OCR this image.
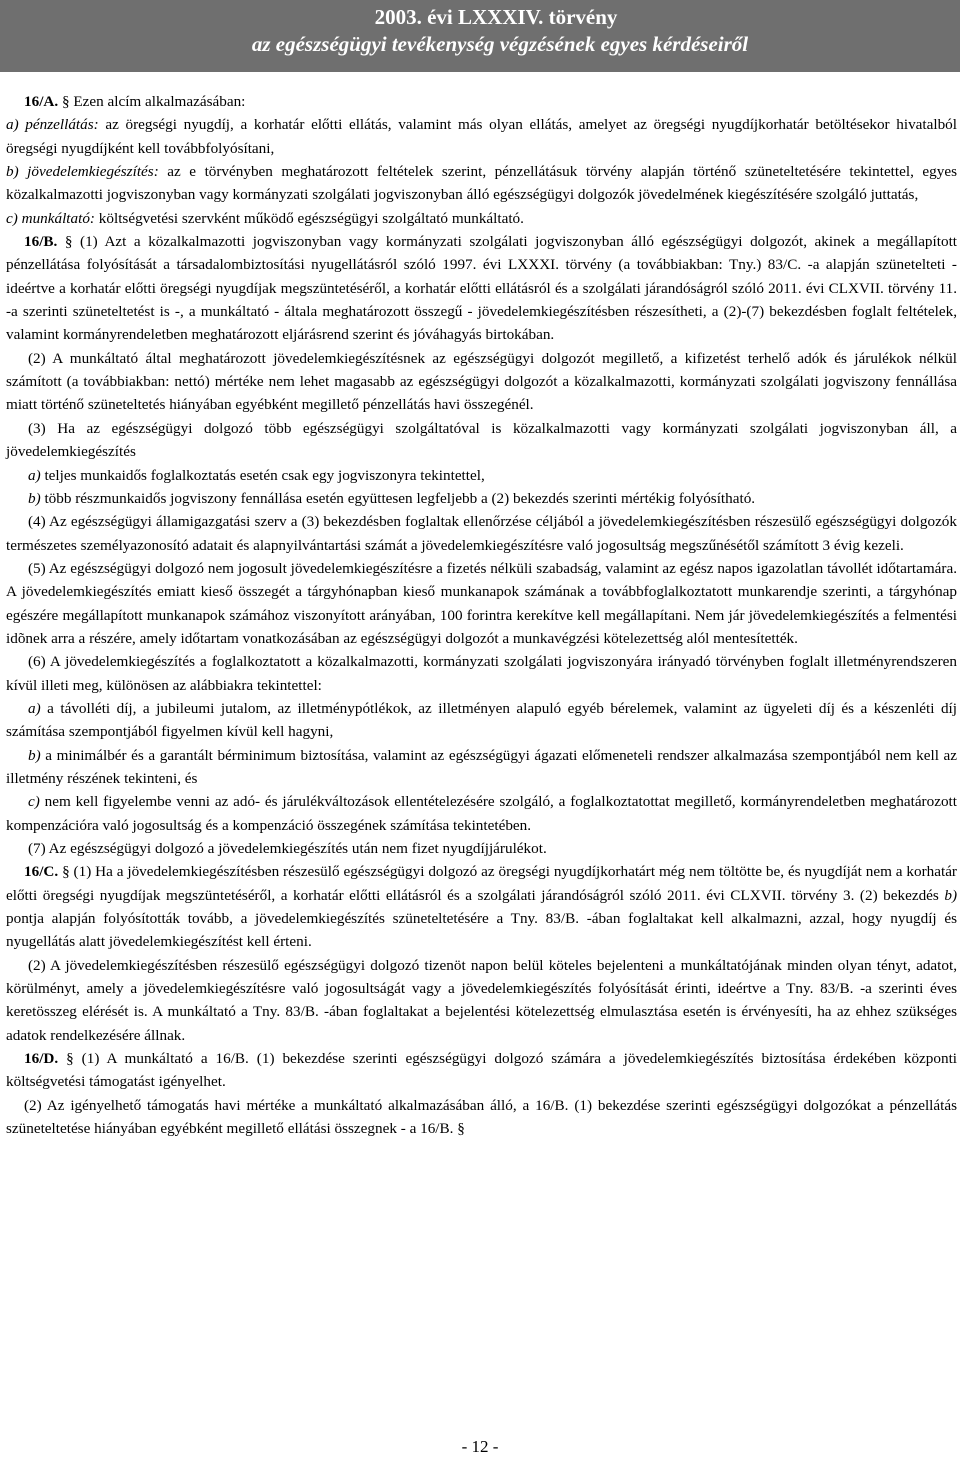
2003. évi LXXXIV. törvény
az egészségügyi tevékenység végzésének egyes kérdéseiről

16/A. § Ezen alcím alkalmazásában:

a) pénzellátás: az öregségi nyugdíj, a korhatár előtti ellátás, valamint más olyan ellátás, amelyet az öregségi nyugdíjkorhatár betöltésekor hivatalból öregségi nyugdíjként kell továbbfolyósítani,

b) jövedelemkiegészítés: az e törvényben meghatározott feltételek szerint, pénzellátásuk törvény alapján történő szüneteltetésére tekintettel, egyes közalkalmazotti jogviszonyban vagy kormányzati szolgálati jogviszonyban álló egészségügyi dolgozók jövedelmének kiegészítésére szolgáló juttatás,

c) munkáltató: költségvetési szervként működő egészségügyi szolgáltató munkáltató.

16/B. § (1) Azt a közalkalmazotti jogviszonyban vagy kormányzati szolgálati jogviszonyban álló egészségügyi dolgozót, akinek a megállapított pénzellátása folyósítását a társadalombiztosítási nyugellátásról szóló 1997. évi LXXXI. törvény (a továbbiakban: Tny.) 83/C. -a alapján szünetelteti - ideértve a korhatár előtti öregségi nyugdíjak megszüntetéséről, a korhatár előtti ellátásról és a szolgálati járandóságról szóló 2011. évi CLXVII. törvény 11. -a szerinti szüneteltetést is -, a munkáltató - általa meghatározott összegű - jövedelemkiegészítésben részesítheti, a (2)-(7) bekezdésben foglalt feltételek, valamint kormányrendeletben meghatározott eljárásrend szerint és jóváhagyás birtokában.

(2) A munkáltató által meghatározott jövedelemkiegészítésnek az egészségügyi dolgozót megillető, a kifizetést terhelő adók és járulékok nélkül számított (a továbbiakban: nettó) mértéke nem lehet magasabb az egészségügyi dolgozót a közalkalmazotti, kormányzati szolgálati jogviszony fennállása miatt történő szüneteltetés hiányában egyébként megillető pénzellátás havi összegénél.

(3) Ha az egészségügyi dolgozó több egészségügyi szolgáltatóval is közalkalmazotti vagy kormányzati szolgálati jogviszonyban áll, a jövedelemkiegészítés

a) teljes munkaidős foglalkoztatás esetén csak egy jogviszonyra tekintettel,

b) több részmunkaidős jogviszony fennállása esetén együttesen legfeljebb a (2) bekezdés szerinti mértékig folyósítható.

(4) Az egészségügyi államigazgatási szerv a (3) bekezdésben foglaltak ellenőrzése céljából a jövedelemkiegészítésben részesülő egészségügyi dolgozók természetes személyazonosító adatait és alapnyilvántartási számát a jövedelemkiegészítésre való jogosultság megszűnésétől számított 3 évig kezeli.

(5) Az egészségügyi dolgozó nem jogosult jövedelemkiegészítésre a fizetés nélküli szabadság, valamint az egész napos igazolatlan távollét időtartamára. A jövedelemkiegészítés emiatt kieső összegét a tárgyhónapban kieső munkanapok számának a továbbfoglalkoztatott munkarendje szerinti, a tárgyhónap egészére megállapított munkanapok számához viszonyított arányában, 100 forintra kerekítve kell megállapítani. Nem jár jövedelemkiegészítés a felmentési idõnek arra a részére, amely időtartam vonatkozásában az egészségügyi dolgozót a munkavégzési kötelezettség alól mentesítették.

(6) A jövedelemkiegészítés a foglalkoztatott a közalkalmazotti, kormányzati szolgálati jogviszonyára irányadó törvényben foglalt illetményrendszeren kívül illeti meg, különösen az alábbiakra tekintettel:

a) a távolléti díj, a jubileumi jutalom, az illetménypótlékok, az illetményen alapuló egyéb bérelemek, valamint az ügyeleti díj és a készenléti díj számítása szempontjából figyelmen kívül kell hagyni,

b) a minimálbér és a garantált bérminimum biztosítása, valamint az egészségügyi ágazati előmeneteli rendszer alkalmazása szempontjából nem kell az illetmény részének tekinteni, és

c) nem kell figyelembe venni az adó- és járulékváltozások ellentételezésére szolgáló, a foglalkoztatottat megillető, kormányrendeletben meghatározott kompenzációra való jogosultság és a kompenzáció összegének számítása tekintetében.

(7) Az egészségügyi dolgozó a jövedelemkiegészítés után nem fizet nyugdíjjárulékot.

16/C. § (1) Ha a jövedelemkiegészítésben részesülő egészségügyi dolgozó az öregségi nyugdíjkorhatárt még nem töltötte be, és nyugdíját nem a korhatár előtti öregségi nyugdíjak megszüntetéséről, a korhatár előtti ellátásról és a szolgálati járandóságról szóló 2011. évi CLXVII. törvény 3. (2) bekezdés b) pontja alapján folyósították tovább, a jövedelemkiegészítés szüneteltetésére a Tny. 83/B. -ában foglaltakat kell alkalmazni, azzal, hogy nyugdíj és nyugellátás alatt jövedelemkiegészítést kell érteni.

(2) A jövedelemkiegészítésben részesülő egészségügyi dolgozó tizenöt napon belül köteles bejelenteni a munkáltatójának minden olyan tényt, adatot, körülményt, amely a jövedelemkiegészítésre való jogosultságát vagy a jövedelemkiegészítés folyósítását érinti, ideértve a Tny. 83/B. -a szerinti éves keretösszeg elérését is. A munkáltató a Tny. 83/B. -ában foglaltakat a bejelentési kötelezettség elmulasztása esetén is érvényesíti, ha az ehhez szükséges adatok rendelkezésére állnak.

16/D. § (1) A munkáltató a 16/B. (1) bekezdése szerinti egészségügyi dolgozó számára a jövedelemkiegészítés biztosítása érdekében központi költségvetési támogatást igényelhet.

(2) Az igényelhető támogatás havi mértéke a munkáltató alkalmazásában álló, a 16/B. (1) bekezdése szerinti egészségügyi dolgozókat a pénzellátás szüneteltetése hiányában egyébként megillető ellátási összegnek - a 16/B. §

- 12 -
